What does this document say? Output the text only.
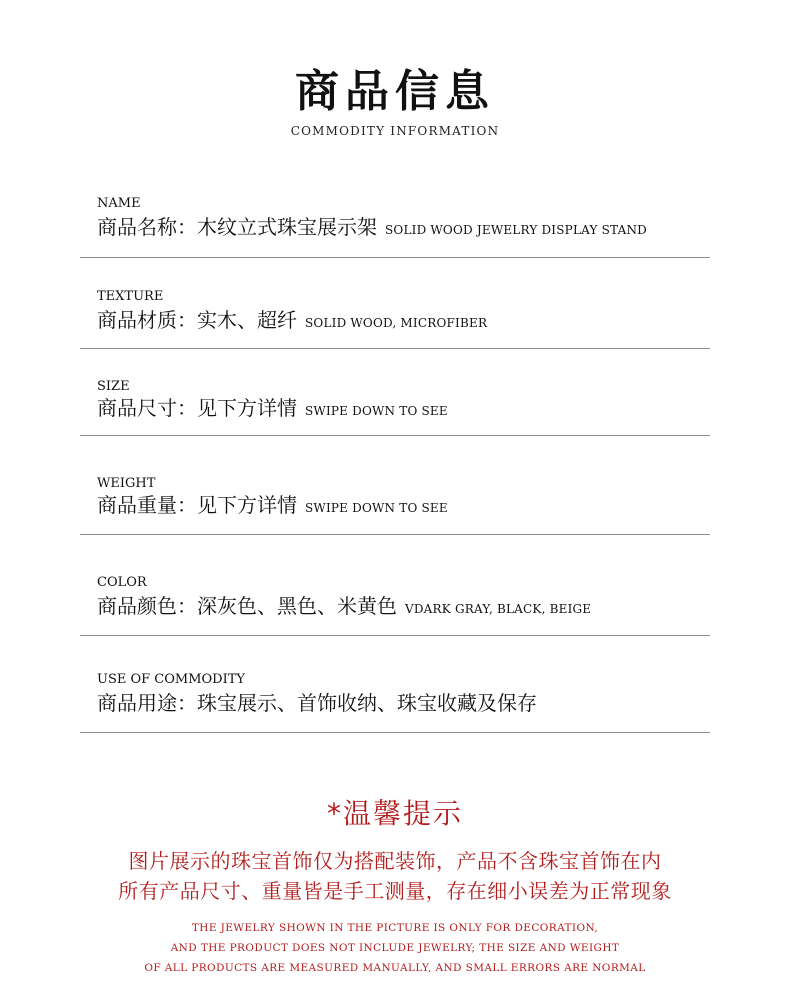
商品信息
COMMODITY INFORMATION
NAME
商品名称：木纹立式珠宝展示架 SOLID WOOD JEWELRY DISPLAY STAND
TEXTURE
商品材质：实木、超纤 SOLID WOOD, MICROFIBER
SIZE
商品尺寸：见下方详情 SWIPE DOWN TO SEE
WEIGHT
商品重量：见下方详情 SWIPE DOWN TO SEE
COLOR
商品颜色：深灰色、黑色、米黄色 VDARK GRAY, BLACK, BEIGE
USE OF COMMODITY
商品用途：珠宝展示、首饰收纳、珠宝收藏及保存
*温馨提示
图片展示的珠宝首饰仅为搭配装饰，产品不含珠宝首饰在内
所有产品尺寸、重量皆是手工测量，存在细小误差为正常现象
THE JEWELRY SHOWN IN THE PICTURE IS ONLY FOR DECORATION,
AND THE PRODUCT DOES NOT INCLUDE JEWELRY; THE SIZE AND WEIGHT
OF ALL PRODUCTS ARE MEASURED MANUALLY, AND SMALL ERRORS ARE NORMAL
